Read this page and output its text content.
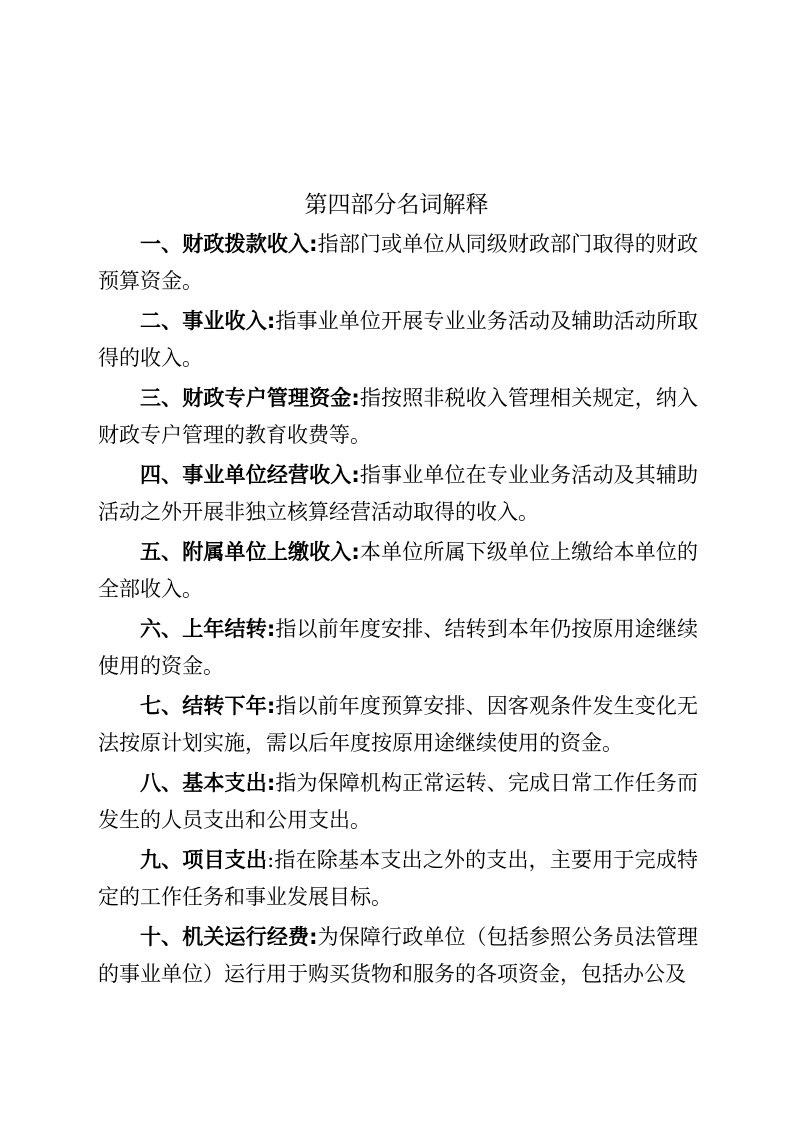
第四部分名词解释

一、财政拨款收入:指部门或单位从同级财政部门取得的财政预算资金。

二、事业收入:指事业单位开展专业业务活动及辅助活动所取得的收入。

三、财政专户管理资金:指按照非税收入管理相关规定，纳入财政专户管理的教育收费等。

四、事业单位经营收入:指事业单位在专业业务活动及其辅助活动之外开展非独立核算经营活动取得的收入。

五、附属单位上缴收入:本单位所属下级单位上缴给本单位的全部收入。

六、上年结转:指以前年度安排、结转到本年仍按原用途继续使用的资金。

七、结转下年:指以前年度预算安排、因客观条件发生变化无法按原计划实施，需以后年度按原用途继续使用的资金。

八、基本支出:指为保障机构正常运转、完成日常工作任务而发生的人员支出和公用支出。

九、项目支出:指在除基本支出之外的支出，主要用于完成特定的工作任务和事业发展目标。

十、机关运行经费:为保障行政单位（包括参照公务员法管理的事业单位）运行用于购买货物和服务的各项资金，包括办公及
